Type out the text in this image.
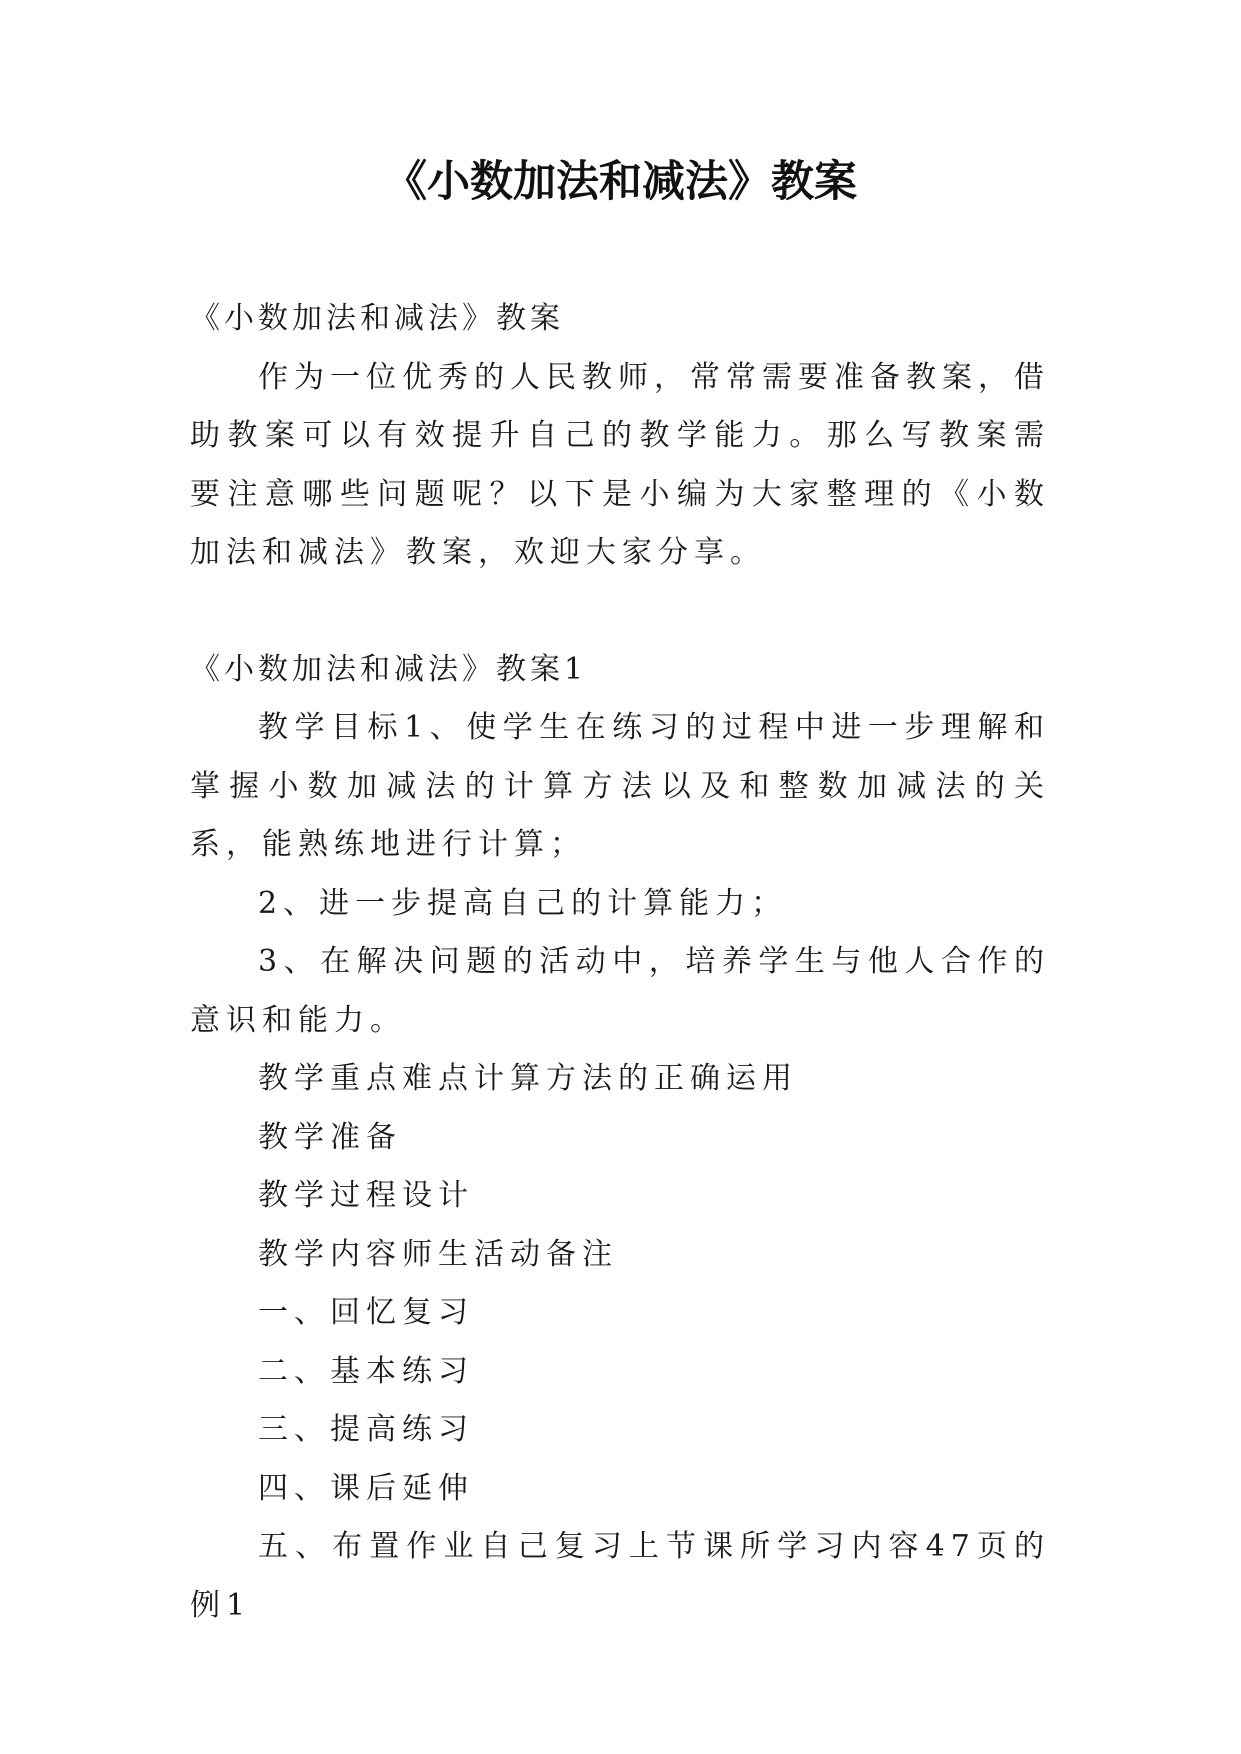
《小数加法和减法》教案

《小数加法和减法》教案

作为一位优秀的人民教师，常常需要准备教案，借助教案可以有效提升自己的教学能力。那么写教案需要注意哪些问题呢？以下是小编为大家整理的《小数加法和减法》教案，欢迎大家分享。

《小数加法和减法》教案1

教学目标1、使学生在练习的过程中进一步理解和掌握小数加减法的计算方法以及和整数加减法的关系，能熟练地进行计算；

2、进一步提高自己的计算能力；

3、在解决问题的活动中，培养学生与他人合作的意识和能力。

教学重点难点计算方法的正确运用

教学准备

教学过程设计

教学内容师生活动备注

一、回忆复习

二、基本练习

三、提高练习

四、课后延伸

五、布置作业自己复习上节课所学习内容47页的例1
